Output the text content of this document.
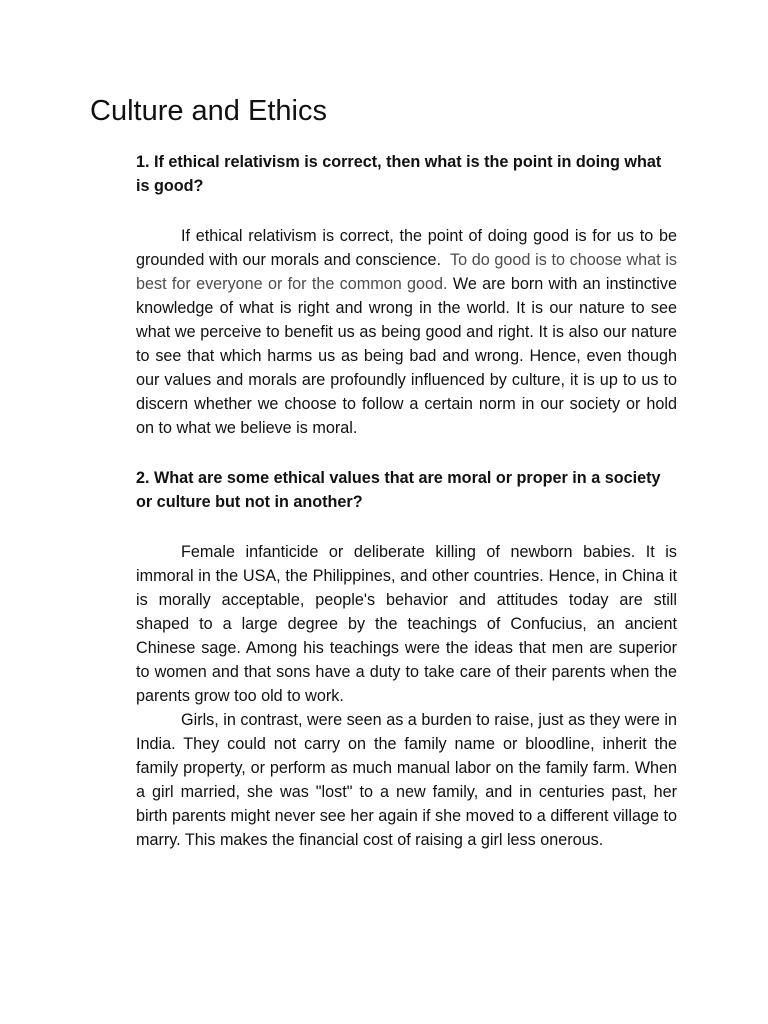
Culture and Ethics

1. If ethical relativism is correct, then what is the point in doing what is good?

If ethical relativism is correct, the point of doing good is for us to be grounded with our morals and conscience. To do good is to choose what is best for everyone or for the common good. We are born with an instinctive knowledge of what is right and wrong in the world. It is our nature to see what we perceive to benefit us as being good and right. It is also our nature to see that which harms us as being bad and wrong. Hence, even though our values and morals are profoundly influenced by culture, it is up to us to discern whether we choose to follow a certain norm in our society or hold on to what we believe is moral.

2. What are some ethical values that are moral or proper in a society or culture but not in another?

Female infanticide or deliberate killing of newborn babies. It is immoral in the USA, the Philippines, and other countries. Hence, in China it is morally acceptable, people's behavior and attitudes today are still shaped to a large degree by the teachings of Confucius, an ancient Chinese sage. Among his teachings were the ideas that men are superior to women and that sons have a duty to take care of their parents when the parents grow too old to work.

Girls, in contrast, were seen as a burden to raise, just as they were in India. They could not carry on the family name or bloodline, inherit the family property, or perform as much manual labor on the family farm. When a girl married, she was "lost" to a new family, and in centuries past, her birth parents might never see her again if she moved to a different village to marry. This makes the financial cost of raising a girl less onerous.
